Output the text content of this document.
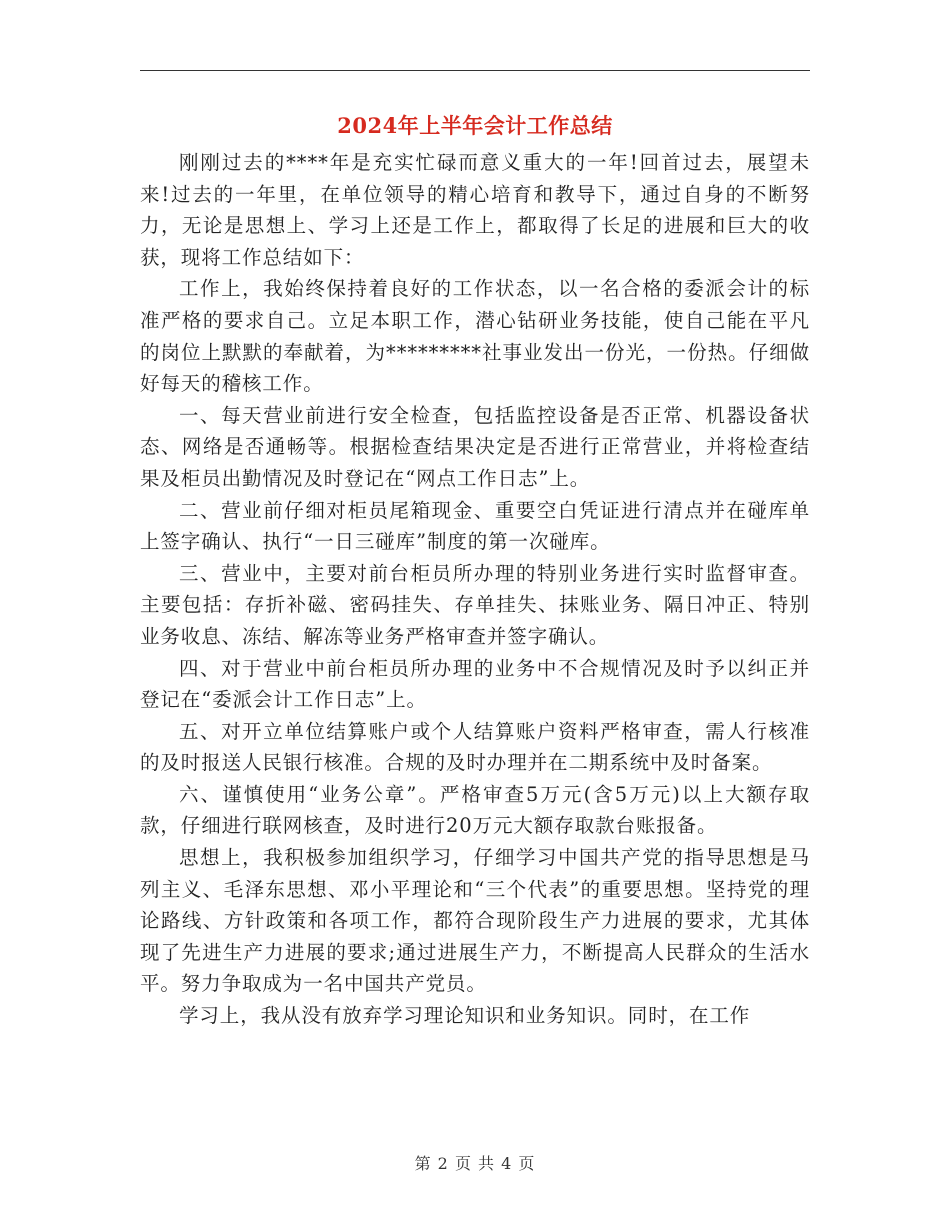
2024年上半年会计工作总结

刚刚过去的****年是充实忙碌而意义重大的一年!回首过去，展望未来!过去的一年里，在单位领导的精心培育和教导下，通过自身的不断努力，无论是思想上、学习上还是工作上，都取得了长足的进展和巨大的收获，现将工作总结如下：

工作上，我始终保持着良好的工作状态，以一名合格的委派会计的标准严格的要求自己。立足本职工作，潜心钻研业务技能，使自己能在平凡的岗位上默默的奉献着，为*********社事业发出一份光，一份热。仔细做好每天的稽核工作。

一、每天营业前进行安全检查，包括监控设备是否正常、机器设备状态、网络是否通畅等。根据检查结果决定是否进行正常营业，并将检查结果及柜员出勤情况及时登记在“网点工作日志”上。

二、营业前仔细对柜员尾箱现金、重要空白凭证进行清点并在碰库单上签字确认、执行“一日三碰库”制度的第一次碰库。

三、营业中，主要对前台柜员所办理的特别业务进行实时监督审查。主要包括：存折补磁、密码挂失、存单挂失、抹账业务、隔日冲正、特别业务收息、冻结、解冻等业务严格审查并签字确认。

四、对于营业中前台柜员所办理的业务中不合规情况及时予以纠正并登记在“委派会计工作日志”上。

五、对开立单位结算账户或个人结算账户资料严格审查，需人行核准的及时报送人民银行核准。合规的及时办理并在二期系统中及时备案。

六、谨慎使用“业务公章”。严格审查5万元(含5万元)以上大额存取款，仔细进行联网核查，及时进行20万元大额存取款台账报备。

思想上，我积极参加组织学习，仔细学习中国共产党的指导思想是马列主义、毛泽东思想、邓小平理论和“三个代表”的重要思想。坚持党的理论路线、方针政策和各项工作，都符合现阶段生产力进展的要求，尤其体现了先进生产力进展的要求;通过进展生产力，不断提高人民群众的生活水平。努力争取成为一名中国共产党员。

学习上，我从没有放弃学习理论知识和业务知识。同时，在工作

第 2 页 共 4 页
